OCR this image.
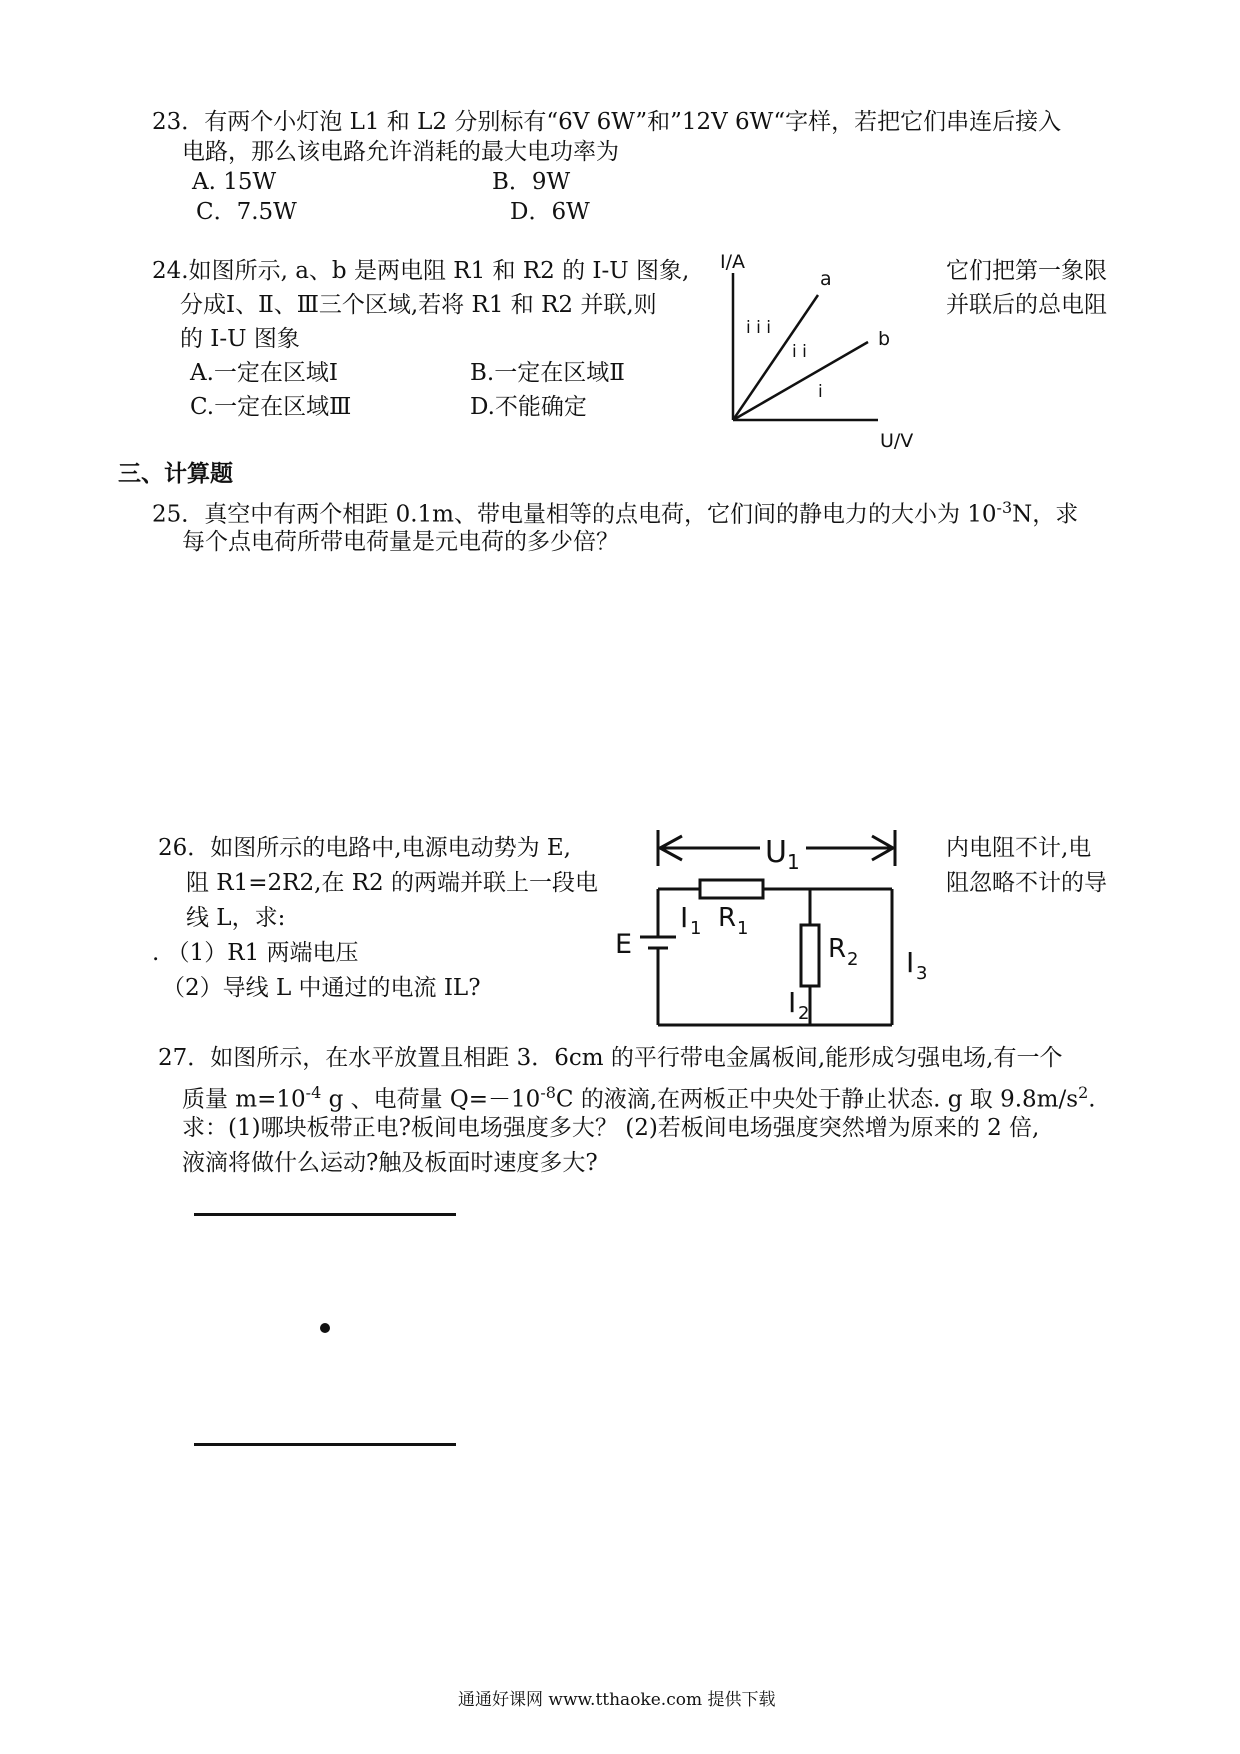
23．有两个小灯泡 L1 和 L2 分别标有“6V 6W”和”12V 6W“字样，若把它们串连后接入
电路，那么该电路允许消耗的最大电功率为
A. 15W	B．9W
C．7.5W	D．6W
24.如图所示, a、b 是两电阻 R1 和 R2 的 I-U 图象,	它们把第一象限
分成Ⅰ、Ⅱ、Ⅲ三个区域,若将 R1 和 R2 并联,则	并联后的总电阻
的 I-U 图象
A.一定在区域Ⅰ	B.一定在区域Ⅱ
C.一定在区域Ⅲ	D.不能确定
I/A
U/V
a
b
i i i
i i
i
三、计算题
25．真空中有两个相距 0.1m、带电量相等的点电荷，它们间的静电力的大小为 $10^{-3}N$，求
每个点电荷所带电荷量是元电荷的多少倍？
26．如图所示的电路中,电源电动势为 E,	内电阻不计,电
阻 R1=2R2,在 R2 的两端并联上一段电	阻忽略不计的导
线 L，求:
. （1）R1 两端电压
（2）导线 L 中通过的电流 IL?
U 1
E
I 1 R 1
R 2
I 2
I 3
27．如图所示，在水平放置且相距 3．6cm 的平行带电金属板间,能形成匀强电场,有一个
质量 $m=10^{-4}$ g 、电荷量 $Q=-10^{-8}C$ 的液滴,在两板正中央处于静止状态. g 取 $9.8m/s^2$.
求：(1)哪块板带正电?板间电场强度多大？ (2)若板间电场强度突然增为原来的 2 倍,
液滴将做什么运动?触及板面时速度多大?
通通好课网 www.tthaoke.com 提供下载
